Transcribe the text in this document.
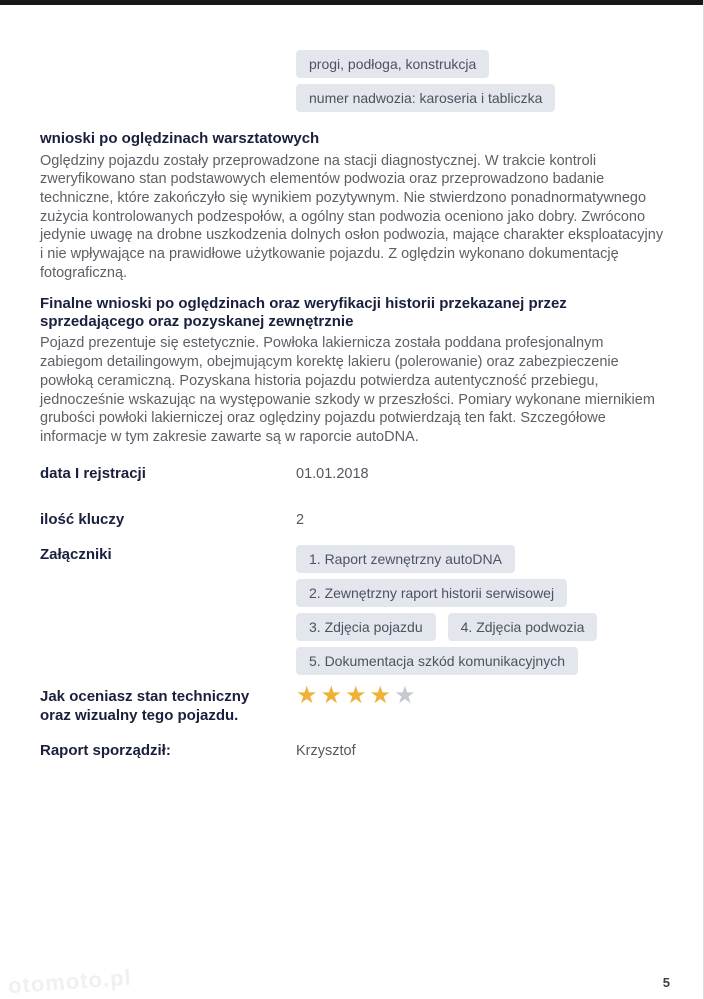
progi, podłoga, konstrukcja
numer nadwozia: karoseria i tabliczka
wnioski po oględzinach warsztatowych

Oględziny pojazdu zostały przeprowadzone na stacji diagnostycznej. W trakcie kontroli zweryfikowano stan podstawowych elementów podwozia oraz przeprowadzono badanie techniczne, które zakończyło się wynikiem pozytywnym. Nie stwierdzono ponadnormatywnego zużycia kontrolowanych podzespołów, a ogólny stan podwozia oceniono jako dobry. Zwrócono jedynie uwagę na drobne uszkodzenia dolnych osłon podwozia, mające charakter eksploatacyjny i nie wpływające na prawidłowe użytkowanie pojazdu. Z oględzin wykonano dokumentację fotograficzną.

Finalne wnioski po oględzinach oraz weryfikacji historii przekazanej przez sprzedającego oraz pozyskanej zewnętrznie

Pojazd prezentuje się estetycznie. Powłoka lakiernicza została poddana profesjonalnym zabiegom detailingowym, obejmującym korektę lakieru (polerowanie) oraz zabezpieczenie powłoką ceramiczną. Pozyskana historia pojazdu potwierdza autentyczność przebiegu, jednocześnie wskazując na występowanie szkody w przeszłości. Pomiary wykonane miernikiem grubości powłoki lakierniczej oraz oględziny pojazdu potwierdzają ten fakt. Szczegółowe informacje w tym zakresie zawarte są w raporcie autoDNA.

data I rejstracji	01.01.2018
ilość kluczy	2
Załączniki	1. Raport zewnętrzny autoDNA
2. Zewnętrzny raport historii serwisowej
3. Zdjęcia pojazdu	4. Zdjęcia podwozia
5. Dokumentacja szkód komunikacyjnych
Jak oceniasz stan techniczny oraz wizualny tego pojazdu.
★ ★ ★ ★ ★
Raport sporządził:	Krzysztof
5
otomoto.pl
